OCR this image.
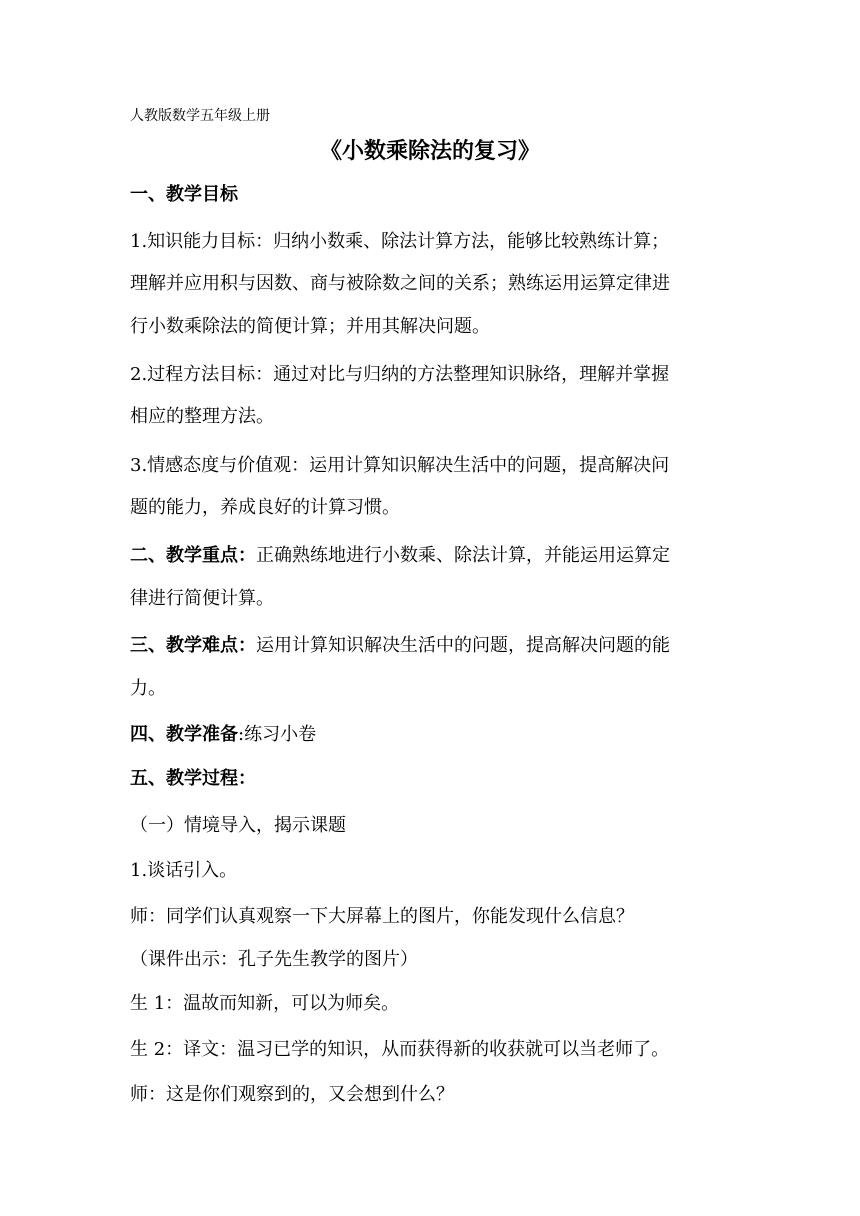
人教版数学五年级上册
《小数乘除法的复习》
一、教学目标
1.知识能力目标：归纳小数乘、除法计算方法，能够比较熟练计算；
理解并应用积与因数、商与被除数之间的关系；熟练运用运算定律进
行小数乘除法的简便计算；并用其解决问题。
2.过程方法目标：通过对比与归纳的方法整理知识脉络，理解并掌握
相应的整理方法。
3.情感态度与价值观：运用计算知识解决生活中的问题，提高解决问
题的能力，养成良好的计算习惯。
二、教学重点：正确熟练地进行小数乘、除法计算，并能运用运算定
律进行简便计算。
三、教学难点：运用计算知识解决生活中的问题，提高解决问题的能
力。
四、教学准备:练习小卷
五、教学过程：
（一）情境导入，揭示课题
1.谈话引入。
师：同学们认真观察一下大屏幕上的图片，你能发现什么信息？
（课件出示：孔子先生教学的图片）
生 1：温故而知新，可以为师矣。
生 2：译文：温习已学的知识，从而获得新的收获就可以当老师了。
师：这是你们观察到的，又会想到什么？
